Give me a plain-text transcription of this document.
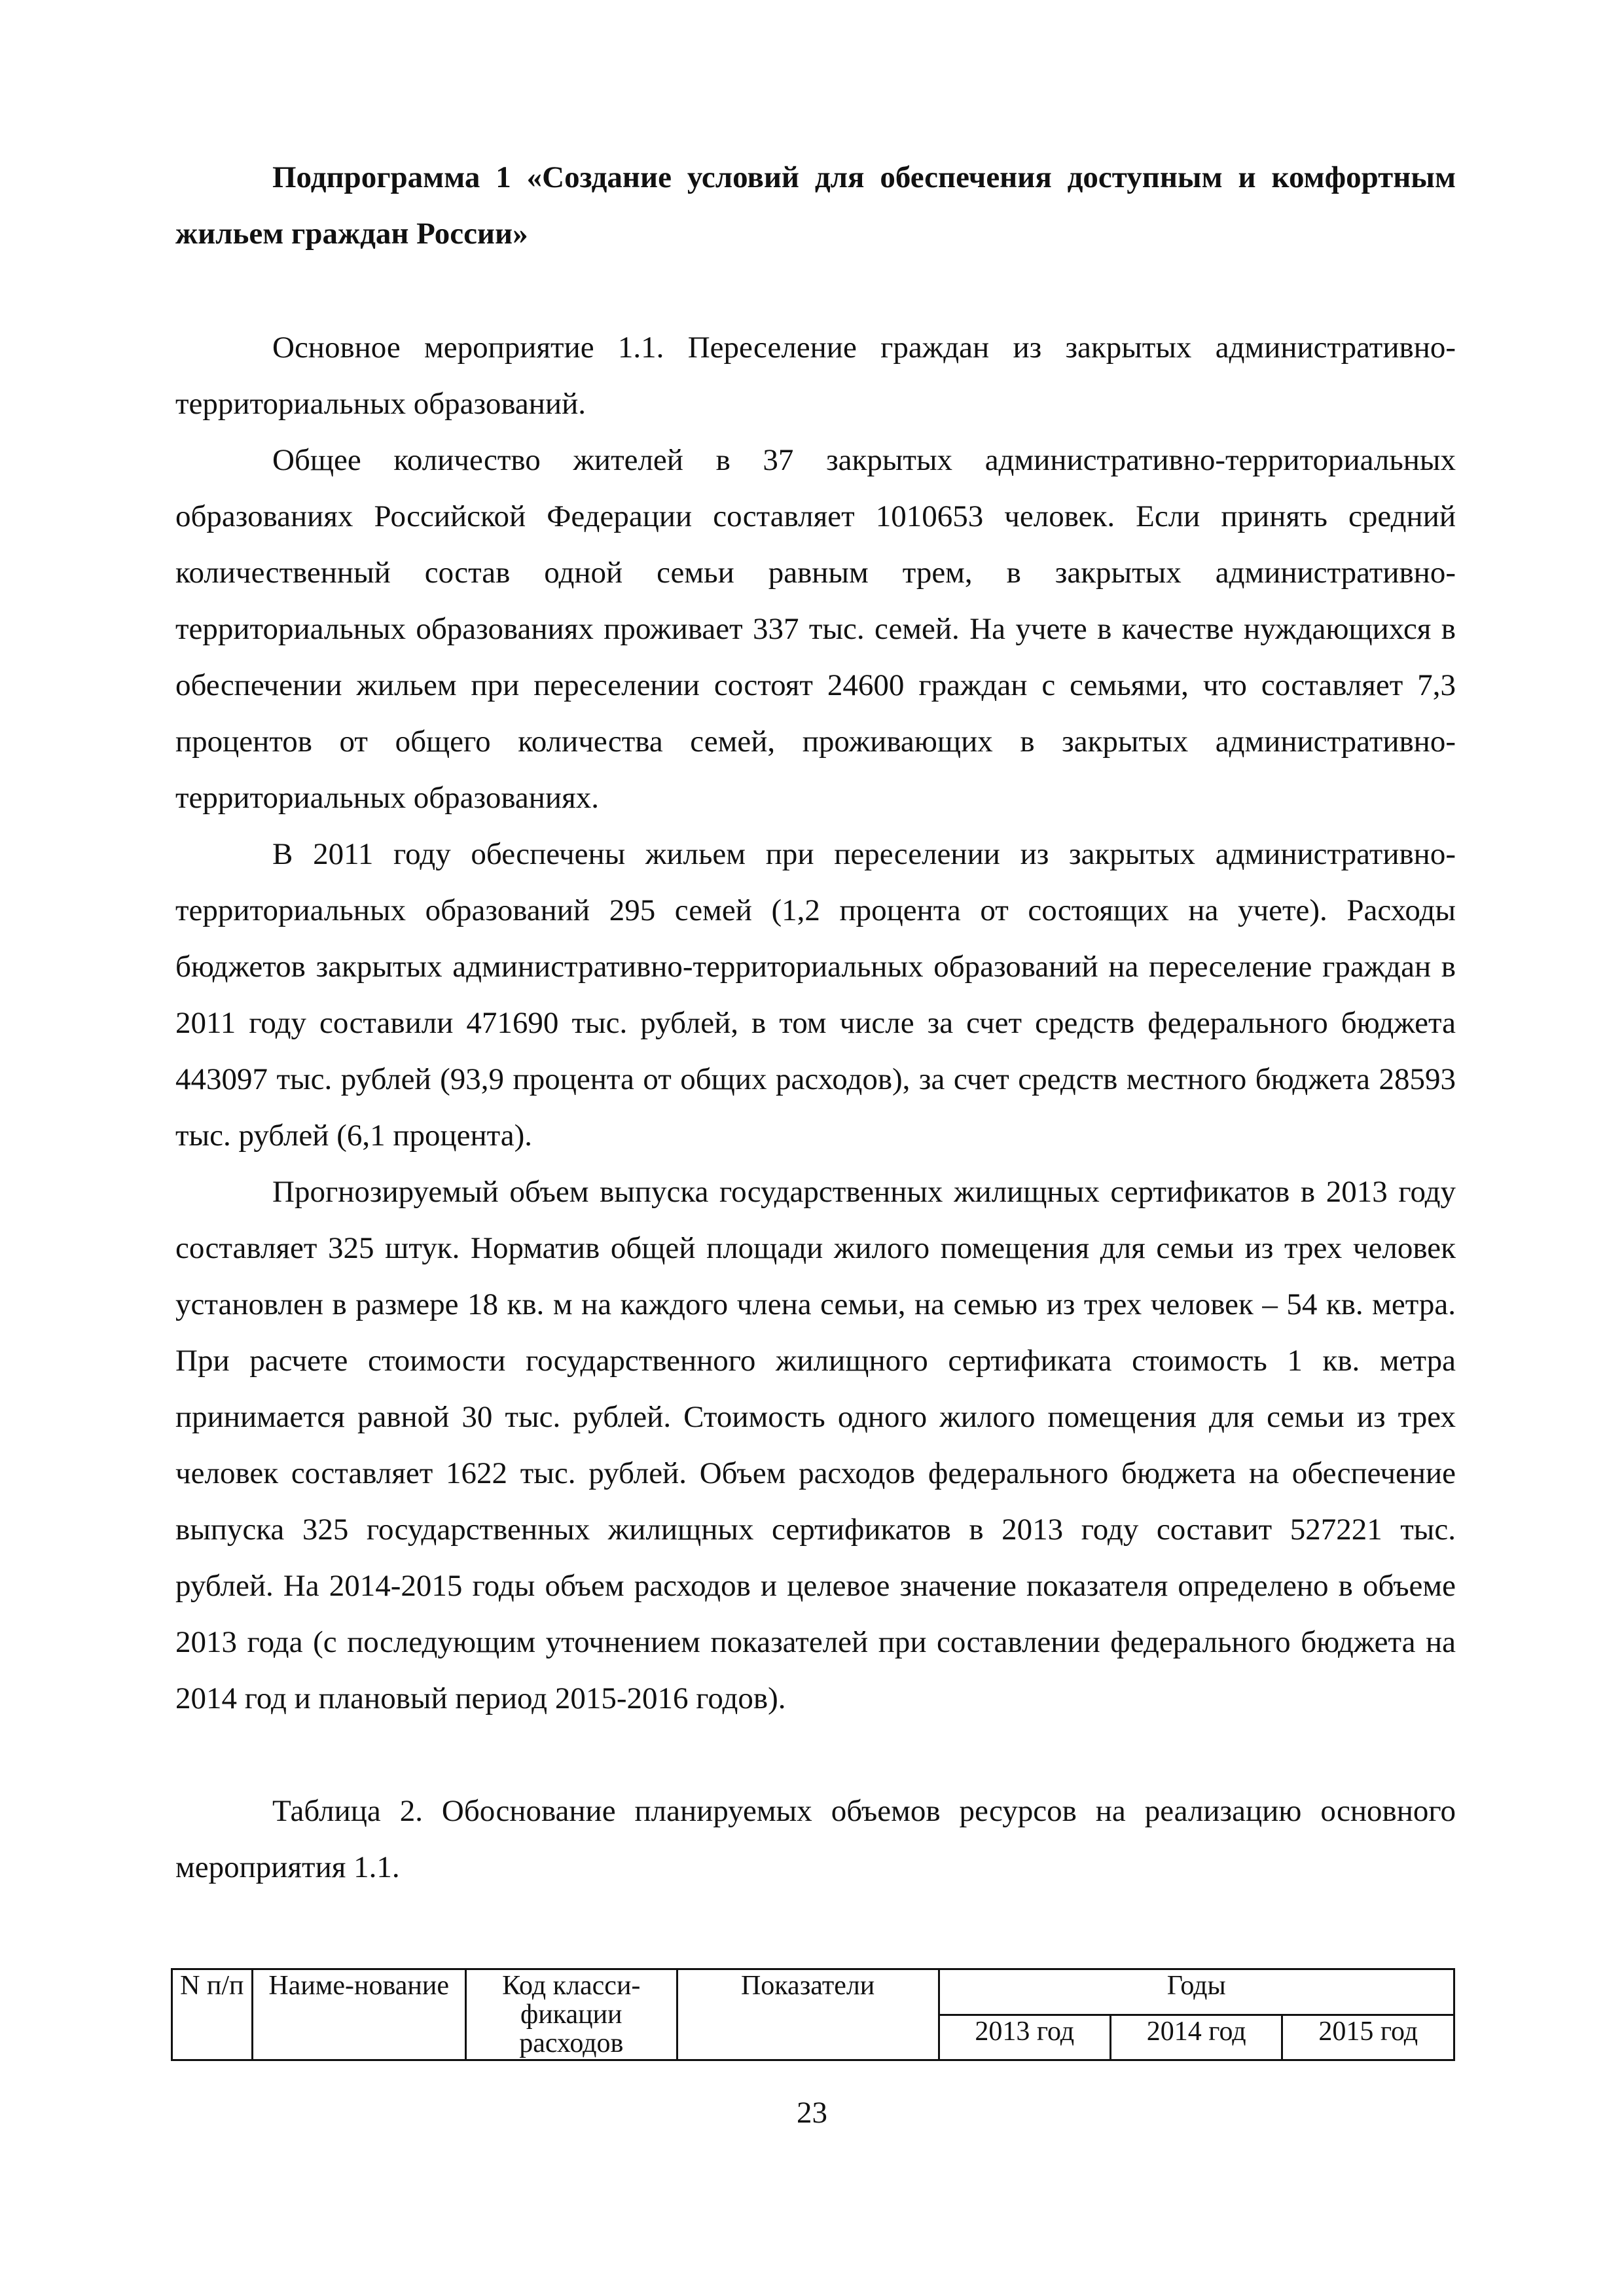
Подпрограмма 1 «Создание условий для обеспечения доступным и комфортным жильем граждан России»

Основное мероприятие 1.1. Переселение граждан из закрытых административно-территориальных образований.

Общее количество жителей в 37 закрытых административно-территориальных образованиях Российской Федерации составляет 1010653 человек. Если принять средний количественный состав одной семьи равным трем, в закрытых административно-территориальных образованиях проживает 337 тыс. семей. На учете в качестве нуждающихся в обеспечении жильем при переселении состоят 24600 граждан с семьями, что составляет 7,3 процентов от общего количества семей, проживающих в закрытых административно-территориальных образованиях.

В 2011 году обеспечены жильем при переселении из закрытых административно-территориальных образований 295 семей (1,2 процента от состоящих на учете). Расходы бюджетов закрытых административно-территориальных образований на переселение граждан в 2011 году составили 471690 тыс. рублей, в том числе за счет средств федерального бюджета 443097 тыс. рублей (93,9 процента от общих расходов), за счет средств местного бюджета 28593 тыс. рублей (6,1 процента).

Прогнозируемый объем выпуска государственных жилищных сертификатов в 2013 году составляет 325 штук. Норматив общей площади жилого помещения для семьи из трех человек установлен в размере 18 кв. м на каждого члена семьи, на семью из трех человек – 54 кв. метра. При расчете стоимости государственного жилищного сертификата стоимость 1 кв. метра принимается равной 30 тыс. рублей. Стоимость одного жилого помещения для семьи из трех человек составляет 1622 тыс. рублей. Объем расходов федерального бюджета на обеспечение выпуска 325 государственных жилищных сертификатов в 2013 году составит 527221 тыс. рублей. На 2014-2015 годы объем расходов и целевое значение показателя определено в объеме 2013 года (с последующим уточнением показателей при составлении федерального бюджета на 2014 год и плановый период 2015-2016 годов).

Таблица 2. Обоснование планируемых объемов ресурсов на реализацию основного мероприятия 1.1.

N п/п	Наиме-нование	Код класси-фикации расходов	Показатели	Годы		
				2013 год	2014 год	2015 год
23
